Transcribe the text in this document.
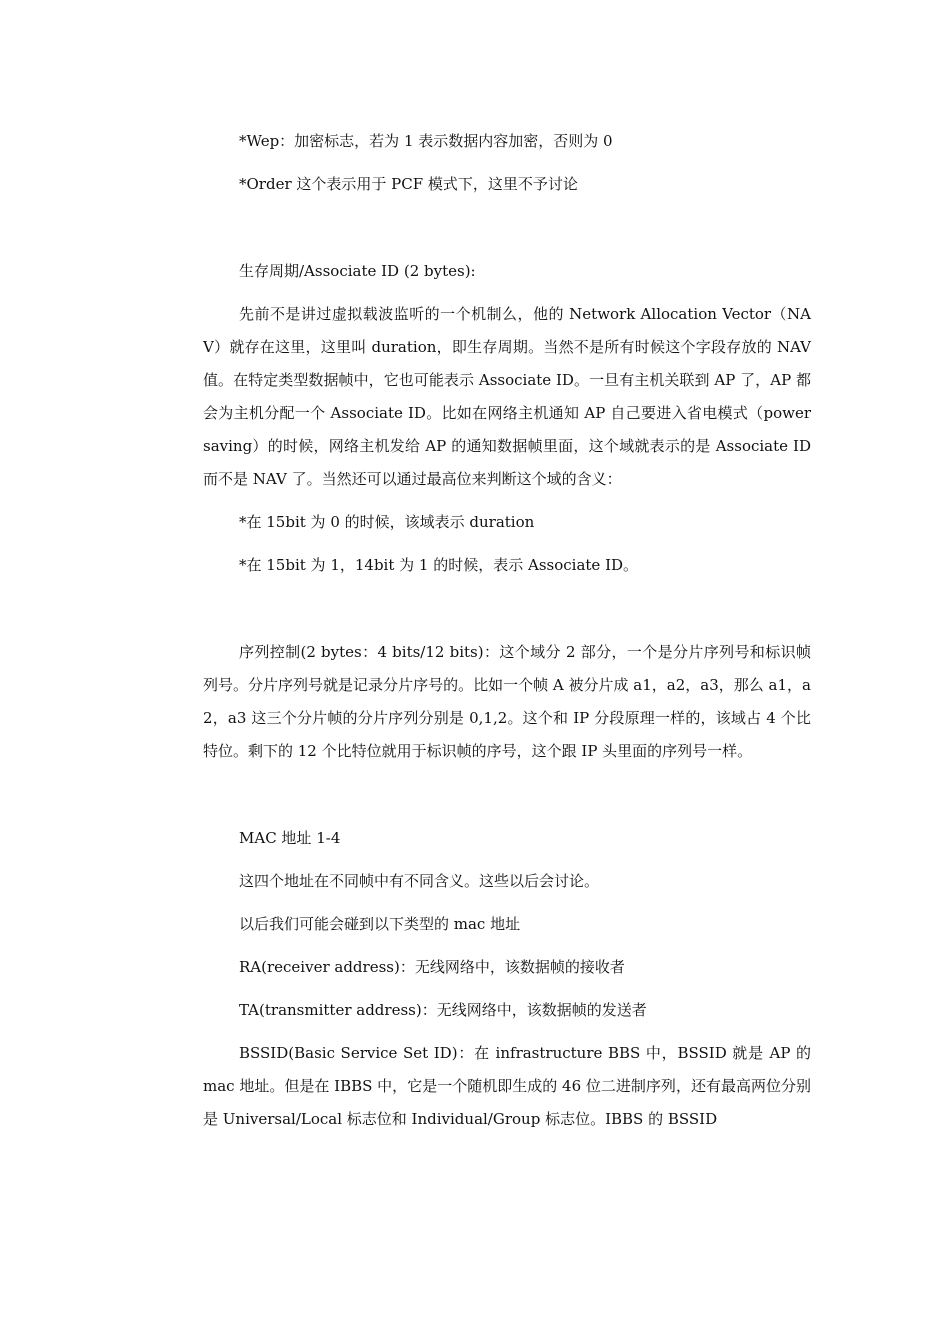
*Wep：加密标志，若为 1 表示数据内容加密，否则为 0

*Order 这个表示用于 PCF 模式下，这里不予讨论

生存周期/Associate ID (2 bytes):

先前不是讲过虚拟载波监听的一个机制么，他的 Network Allocation Vector（NAV）就存在这里，这里叫 duration，即生存周期。当然不是所有时候这个字段存放的 NAV 值。在特定类型数据帧中，它也可能表示 Associate ID。一旦有主机关联到 AP 了，AP 都会为主机分配一个 Associate ID。比如在网络主机通知 AP 自己要进入省电模式（power saving）的时候，网络主机发给 AP 的通知数据帧里面，这个域就表示的是 Associate ID 而不是 NAV 了。当然还可以通过最高位来判断这个域的含义：

*在 15bit 为 0 的时候，该域表示 duration

*在 15bit 为 1，14bit 为 1 的时候，表示 Associate ID。

序列控制(2 bytes：4 bits/12 bits)：这个域分 2 部分，一个是分片序列号和标识帧列号。分片序列号就是记录分片序号的。比如一个帧 A 被分片成 a1，a2，a3，那么 a1，a2，a3 这三个分片帧的分片序列分别是 0,1,2。这个和 IP 分段原理一样的，该域占 4 个比特位。剩下的 12 个比特位就用于标识帧的序号，这个跟 IP 头里面的序列号一样。

MAC 地址 1-4

这四个地址在不同帧中有不同含义。这些以后会讨论。

以后我们可能会碰到以下类型的 mac 地址

RA(receiver address)：无线网络中，该数据帧的接收者

TA(transmitter address)：无线网络中，该数据帧的发送者

BSSID(Basic Service Set ID)：在 infrastructure BBS 中，BSSID 就是 AP 的 mac 地址。但是在 IBBS 中，它是一个随机即生成的 46 位二进制序列，还有最高两位分别是 Universal/Local 标志位和 Individual/Group 标志位。IBBS 的 BSSID
